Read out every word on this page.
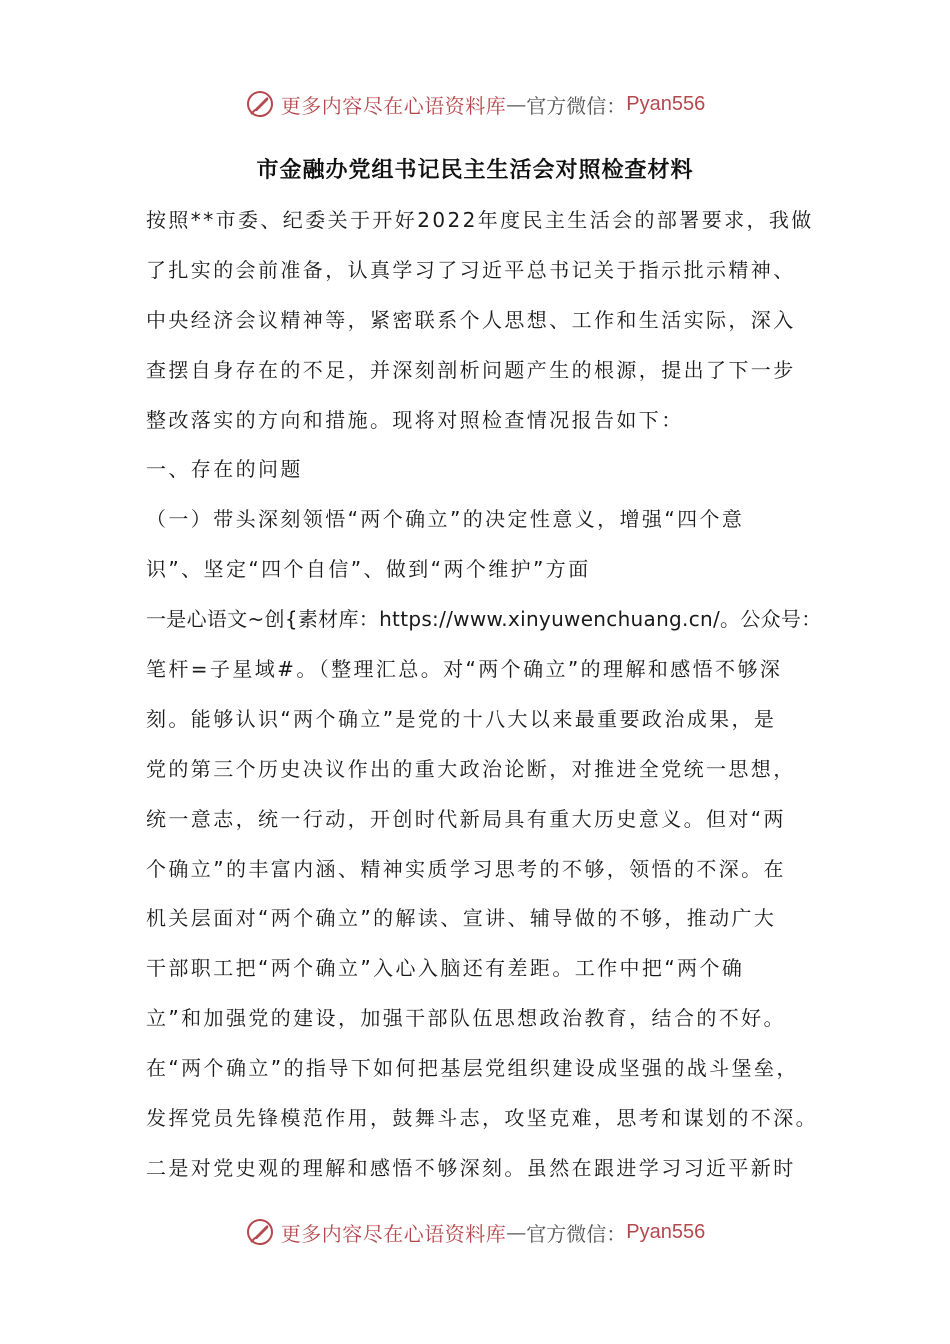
更多内容尽在心语资料库 — 官方微信： Pyan556
市金融办党组书记民主生活会对照检查材料
按照**市委、纪委关于开好2022年度民主生活会的部署要求，我做
了扎实的会前准备，认真学习了习近平总书记关于指示批示精神、
中央经济会议精神等，紧密联系个人思想、工作和生活实际，深入
查摆自身存在的不足，并深刻剖析问题产生的根源，提出了下一步
整改落实的方向和措施。现将对照检查情况报告如下：
一、存在的问题
（一）带头深刻领悟“两个确立”的决定性意义，增强“四个意
识”、坚定“四个自信”、做到“两个维护”方面
一是心语文~创{素材库：https://www.xinyuwenchuang.cn/。公众号：
笔杆=子星域#。（整理汇总。对“两个确立”的理解和感悟不够深
刻。能够认识“两个确立”是党的十八大以来最重要政治成果，是
党的第三个历史决议作出的重大政治论断，对推进全党统一思想，
统一意志，统一行动，开创时代新局具有重大历史意义。但对“两
个确立”的丰富内涵、精神实质学习思考的不够，领悟的不深。在
机关层面对“两个确立”的解读、宣讲、辅导做的不够，推动广大
干部职工把“两个确立”入心入脑还有差距。工作中把“两个确
立”和加强党的建设，加强干部队伍思想政治教育，结合的不好。
在“两个确立”的指导下如何把基层党组织建设成坚强的战斗堡垒，
发挥党员先锋模范作用，鼓舞斗志，攻坚克难，思考和谋划的不深。
二是对党史观的理解和感悟不够深刻。虽然在跟进学习习近平新时
更多内容尽在心语资料库 — 官方微信： Pyan556
